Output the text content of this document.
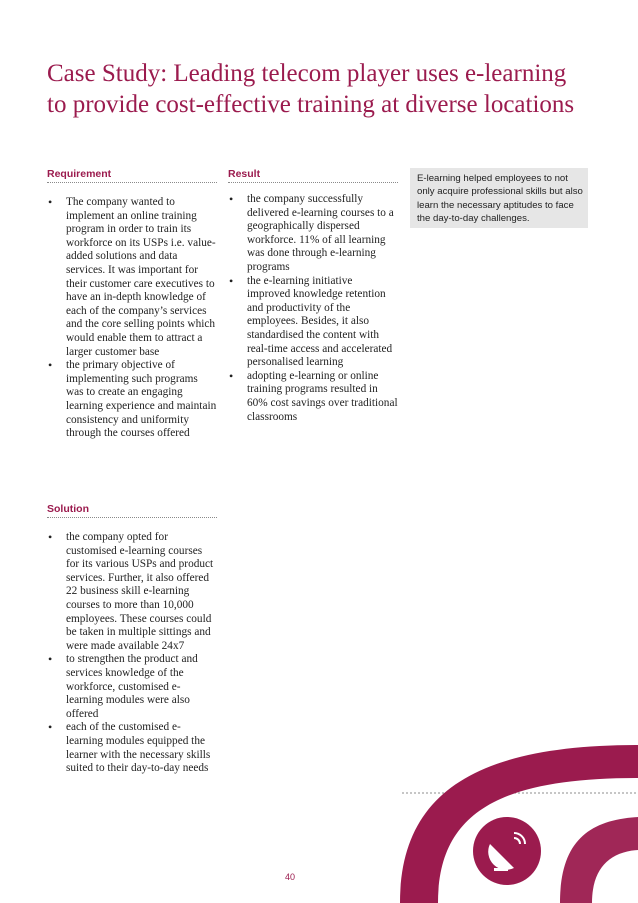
Case Study: Leading telecom player uses e-learning to provide cost-effective training at diverse locations
Requirement
• The company wanted to implement an online training program in order to train its workforce on its USPs i.e. value-added solutions and data services. It was important for their customer care executives to have an in-depth knowledge of each of the company’s services and the core selling points which would enable them to attract a larger customer base
• the primary objective of implementing such programs was to create an engaging learning experience and maintain consistency and uniformity through the courses offered
Result
• the company successfully delivered e-learning courses to a geographically dispersed workforce. 11% of all learning was done through e-learning programs
• the e-learning initiative improved knowledge retention and productivity of the employees. Besides, it also standardised the content with real-time access and accelerated personalised learning
• adopting e-learning or online training programs resulted in 60% cost savings over traditional classrooms
Solution
• the company opted for customised e-learning courses for its various USPs and product services. Further, it also offered 22 business skill e-learning courses to more than 10,000 employees. These courses could be taken in multiple sittings and were made available 24x7
• to strengthen the product and services knowledge of the workforce, customised e-learning modules were also offered
• each of the customised e-learning modules equipped the learner with the necessary skills suited to their day-to-day needs
E-learning helped employees to not only acquire professional skills but also learn the necessary aptitudes to face the day-to-day challenges.
40
